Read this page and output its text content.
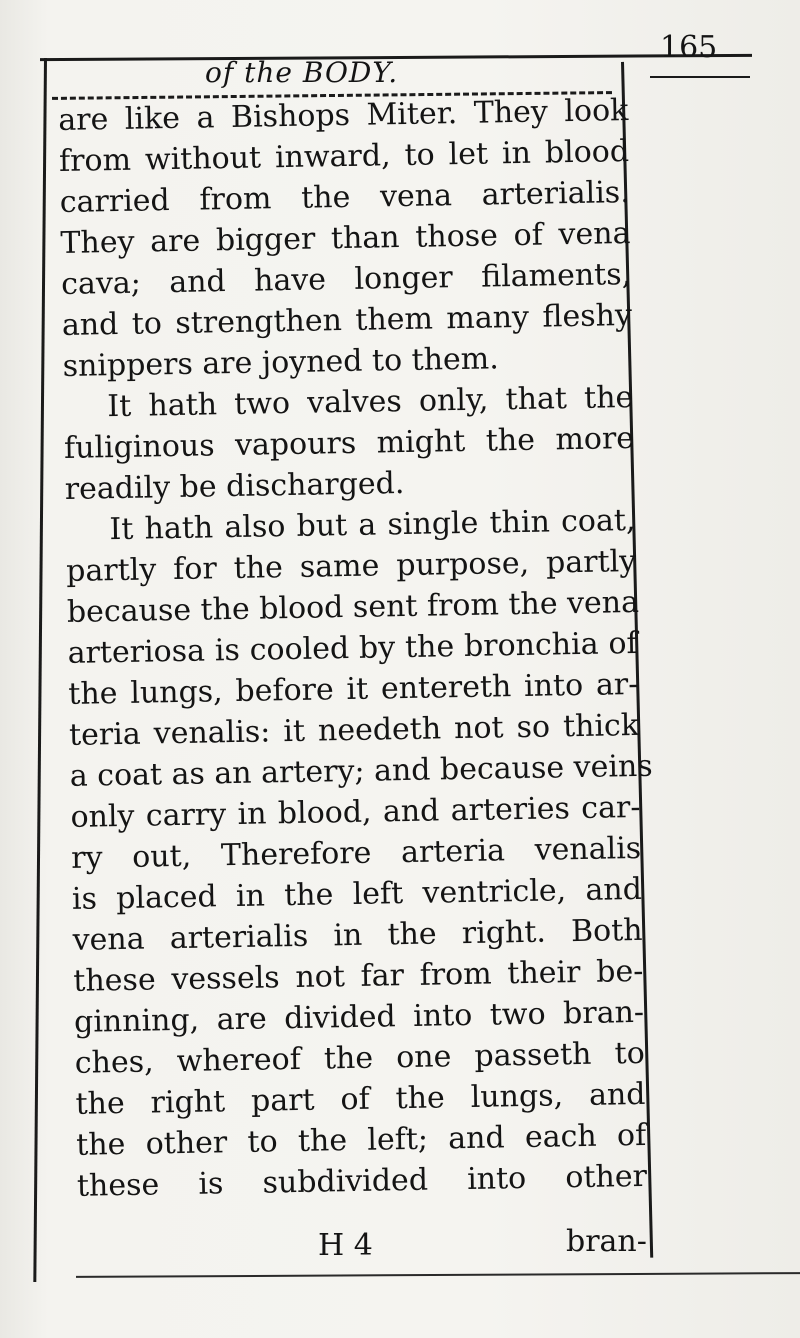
of the BODY.
165
are like a Bishops Miter. They look
from without inward, to let in blood
carried from the vena arterialis.
They are bigger than those of vena
cava; and have longer filaments,
and to strengthen them many fleshy
snippers are joyned to them.
It hath two valves only, that the
fuliginous vapours might the more
readily be discharged.
It hath also but a single thin coat,
partly for the same purpose, partly
because the blood sent from the vena
arteriosa is cooled by the bronchia of
the lungs, before it entereth into ar-
teria venalis: it needeth not so thick
a coat as an artery; and because veins
only carry in blood, and arteries car-
ry out, Therefore arteria venalis
is placed in the left ventricle, and
vena arterialis in the right. Both
these vessels not far from their be-
ginning, are divided into two bran-
ches, whereof the one passeth to
the right part of the lungs, and
the other to the left; and each of
these is subdivided into other
H 4	bran-
